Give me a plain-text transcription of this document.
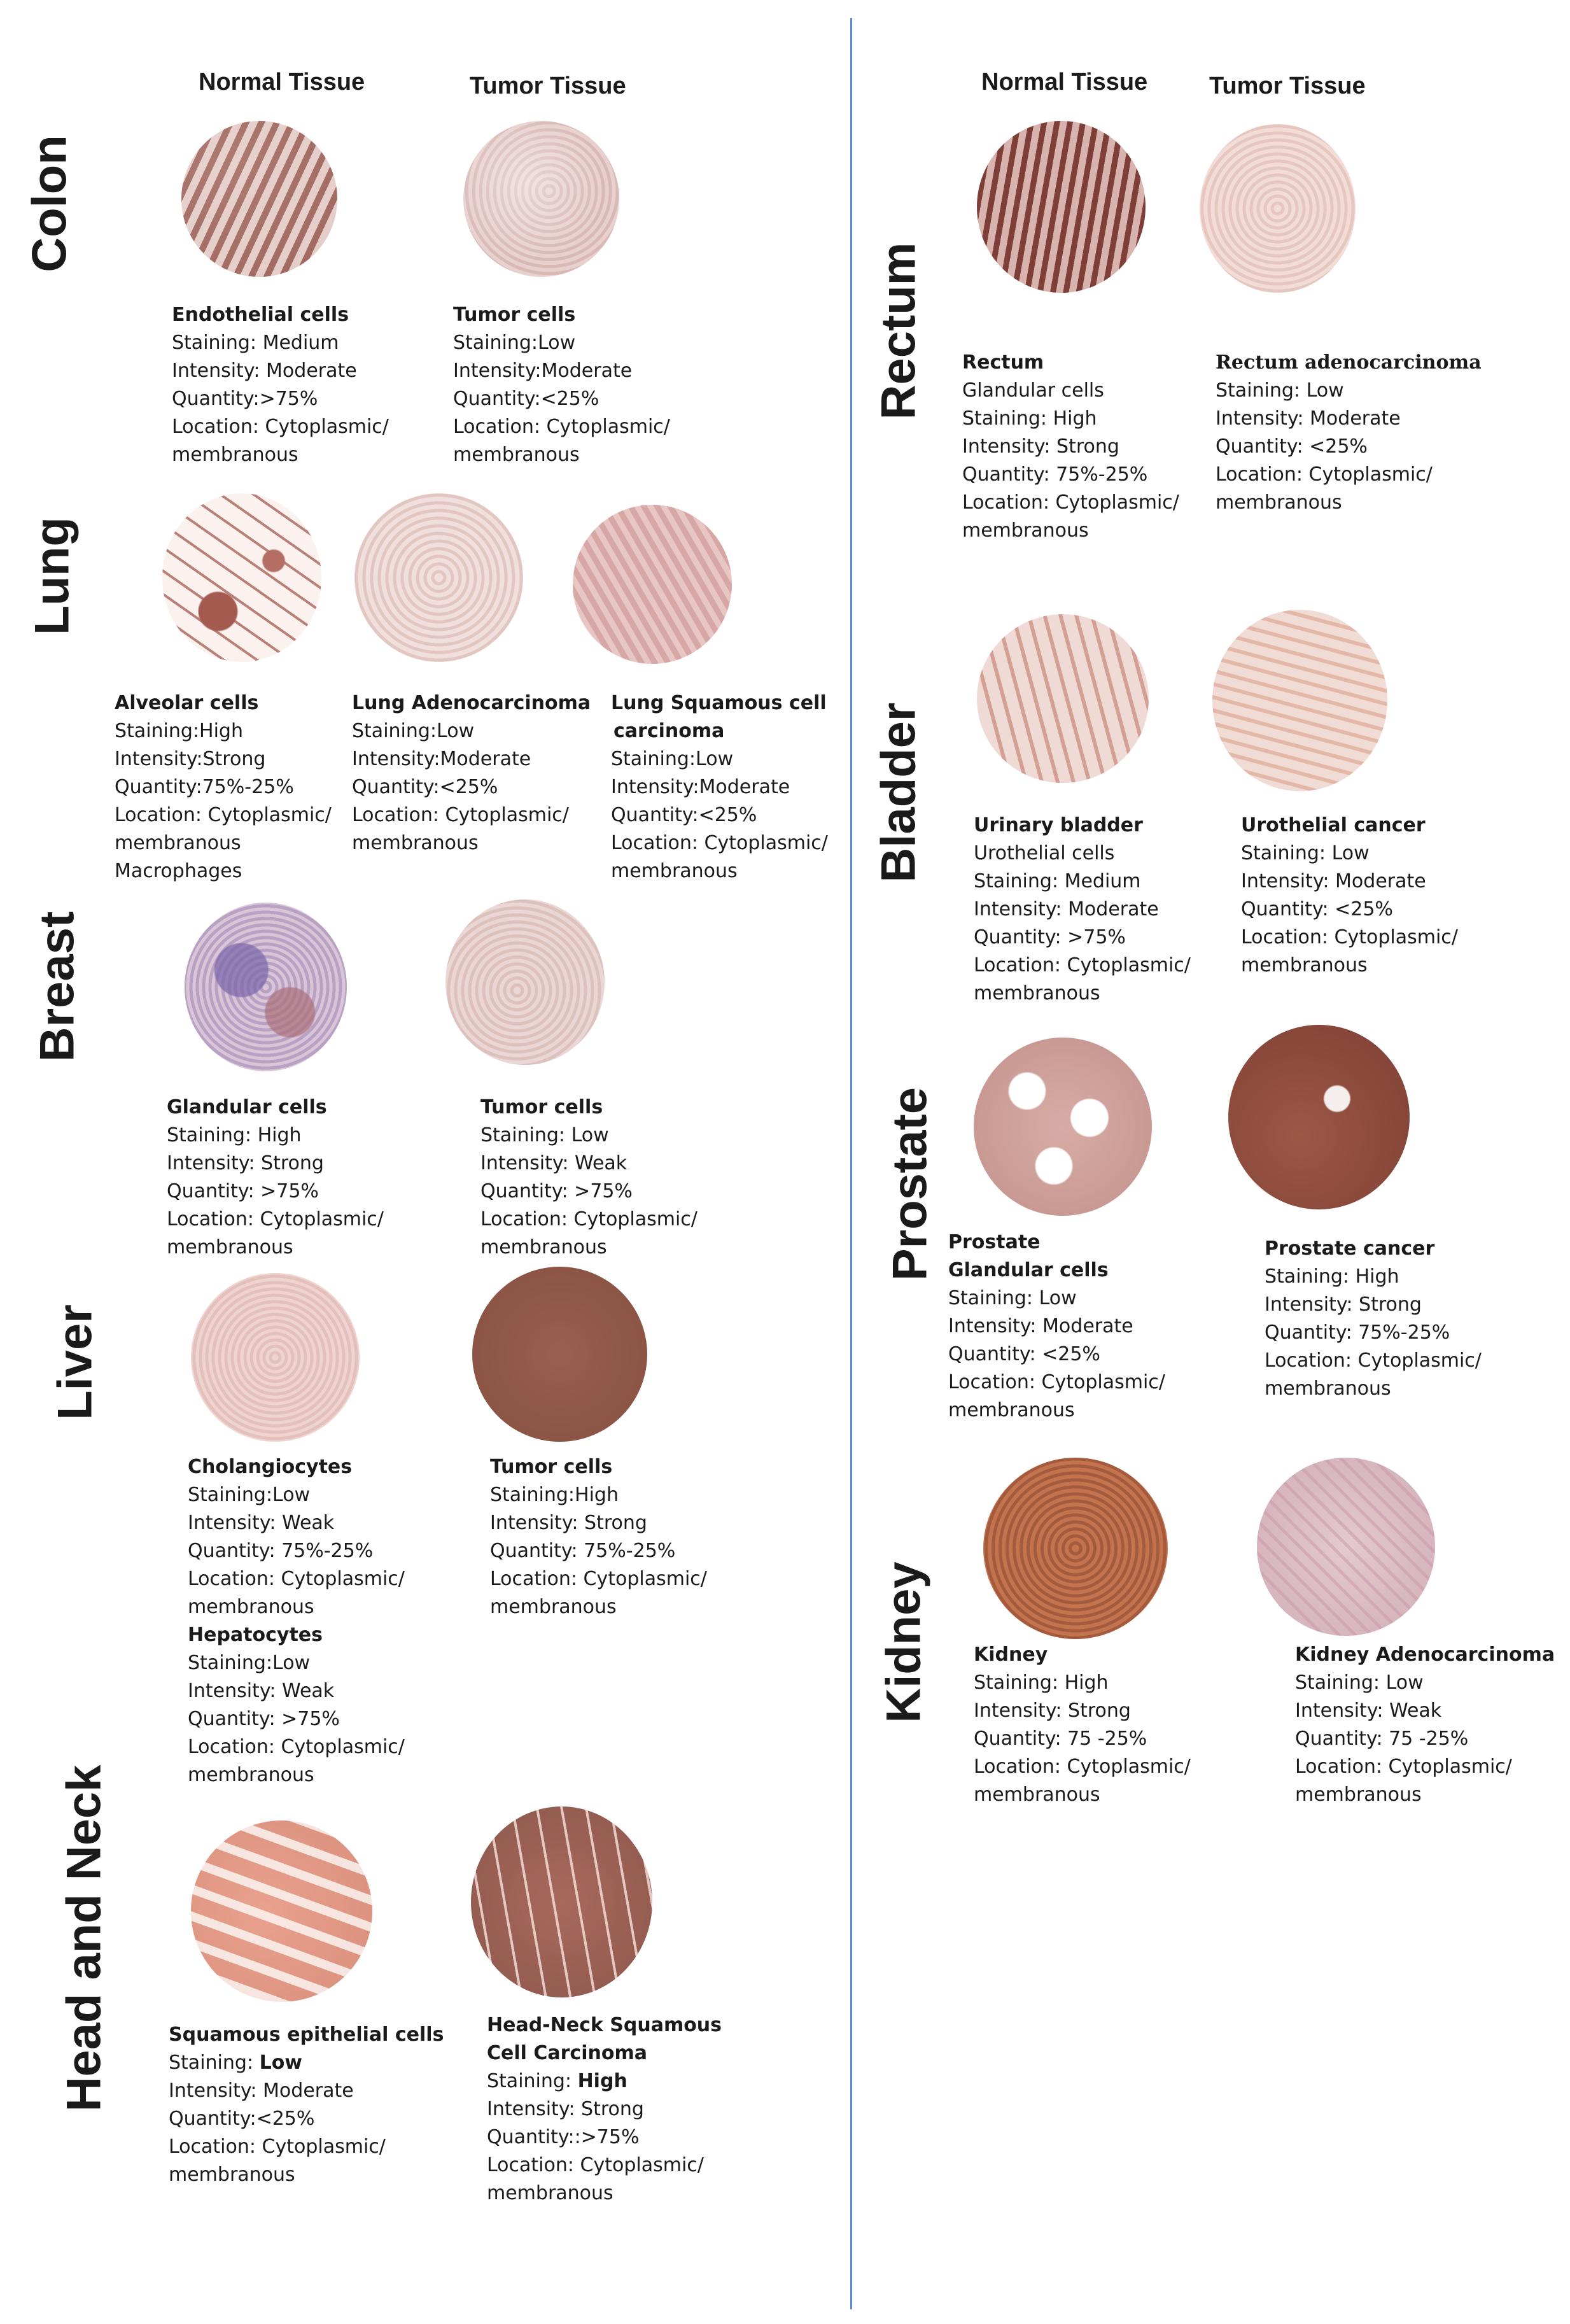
Normal Tissue	Tumor Tissue	Normal Tissue	Tumor Tissue
Colon
Lung
Breast
Liver
Head and Neck
Rectum
Bladder
Prostate
Kidney
Endothelial cells
Staining: Medium
Intensity: Moderate
Quantity:>75%
Location: Cytoplasmic/
membranous
Tumor cells
Staining:Low
Intensity:Moderate
Quantity:<25%
Location: Cytoplasmic/
membranous
Alveolar cells
Staining:High
Intensity:Strong
Quantity:75%-25%
Location: Cytoplasmic/
membranous
Macrophages
Lung Adenocarcinoma
Staining:Low
Intensity:Moderate
Quantity:<25%
Location: Cytoplasmic/
membranous
Lung Squamous cell
carcinoma
Staining:Low
Intensity:Moderate
Quantity:<25%
Location: Cytoplasmic/
membranous
Glandular cells
Staining: High
Intensity: Strong
Quantity: >75%
Location: Cytoplasmic/
membranous
Tumor cells
Staining: Low
Intensity: Weak
Quantity: >75%
Location: Cytoplasmic/
membranous
Cholangiocytes
Staining:Low
Intensity: Weak
Quantity: 75%-25%
Location: Cytoplasmic/
membranous
Hepatocytes
Staining:Low
Intensity: Weak
Quantity: >75%
Location: Cytoplasmic/
membranous
Tumor cells
Staining:High
Intensity: Strong
Quantity: 75%-25%
Location: Cytoplasmic/
membranous
Squamous epithelial cells
Staining: Low
Intensity: Moderate
Quantity:<25%
Location: Cytoplasmic/
membranous
Head-Neck Squamous
Cell Carcinoma
Staining: High
Intensity: Strong
Quantity::>75%
Location: Cytoplasmic/
membranous
Rectum
Glandular cells
Staining: High
Intensity: Strong
Quantity: 75%-25%
Location: Cytoplasmic/
membranous
Rectum adenocarcinoma
Staining: Low
Intensity: Moderate
Quantity: <25%
Location: Cytoplasmic/
membranous
Urinary bladder
Urothelial cells
Staining: Medium
Intensity: Moderate
Quantity: >75%
Location: Cytoplasmic/
membranous
Urothelial cancer
Staining: Low
Intensity: Moderate
Quantity: <25%
Location: Cytoplasmic/
membranous
Prostate
Glandular cells
Staining: Low
Intensity: Moderate
Quantity: <25%
Location: Cytoplasmic/
membranous
Prostate cancer
Staining: High
Intensity: Strong
Quantity: 75%-25%
Location: Cytoplasmic/
membranous
Kidney
Staining: High
Intensity: Strong
Quantity: 75 -25%
Location: Cytoplasmic/
membranous
Kidney Adenocarcinoma
Staining: Low
Intensity: Weak
Quantity: 75 -25%
Location: Cytoplasmic/
membranous
